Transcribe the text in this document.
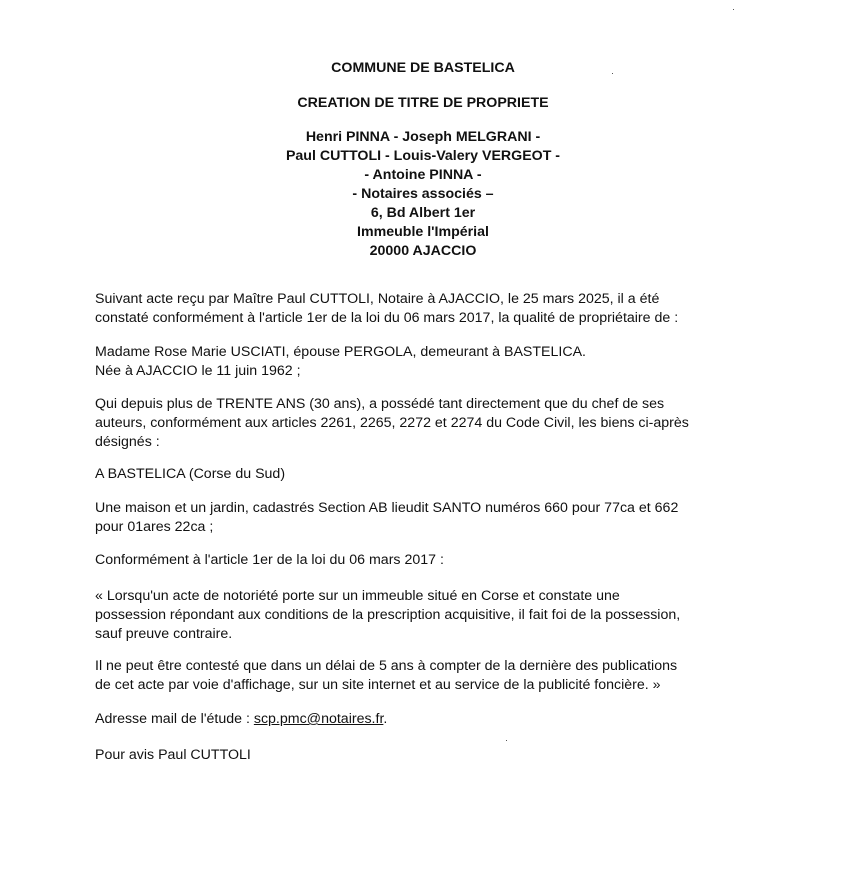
COMMUNE DE BASTELICA
CREATION DE TITRE DE PROPRIETE
Henri PINNA - Joseph MELGRANI -
Paul CUTTOLI - Louis-Valery VERGEOT -
- Antoine PINNA -
- Notaires associés –
6, Bd Albert 1er
Immeuble l'Impérial
20000 AJACCIO

Suivant acte reçu par Maître Paul CUTTOLI, Notaire à AJACCIO, le 25 mars 2025, il a été
constaté conformément à l'article 1er de la loi du 06 mars 2017, la qualité de propriétaire de :

Madame Rose Marie USCIATI, épouse PERGOLA, demeurant à BASTELICA.
Née à AJACCIO le 11 juin 1962 ;

Qui depuis plus de TRENTE ANS (30 ans), a possédé tant directement que du chef de ses
auteurs, conformément aux articles 2261, 2265, 2272 et 2274 du Code Civil, les biens ci-après
désignés :

A BASTELICA (Corse du Sud)

Une maison et un jardin, cadastrés Section AB lieudit SANTO numéros 660 pour 77ca et 662
pour 01ares 22ca ;

Conformément à l'article 1er de la loi du 06 mars 2017 :

« Lorsqu'un acte de notoriété porte sur un immeuble situé en Corse et constate une
possession répondant aux conditions de la prescription acquisitive, il fait foi de la possession,
sauf preuve contraire.

Il ne peut être contesté que dans un délai de 5 ans à compter de la dernière des publications
de cet acte par voie d'affichage, sur un site internet et au service de la publicité foncière. »

Adresse mail de l'étude : scp.pmc@notaires.fr.

Pour avis Paul CUTTOLI
